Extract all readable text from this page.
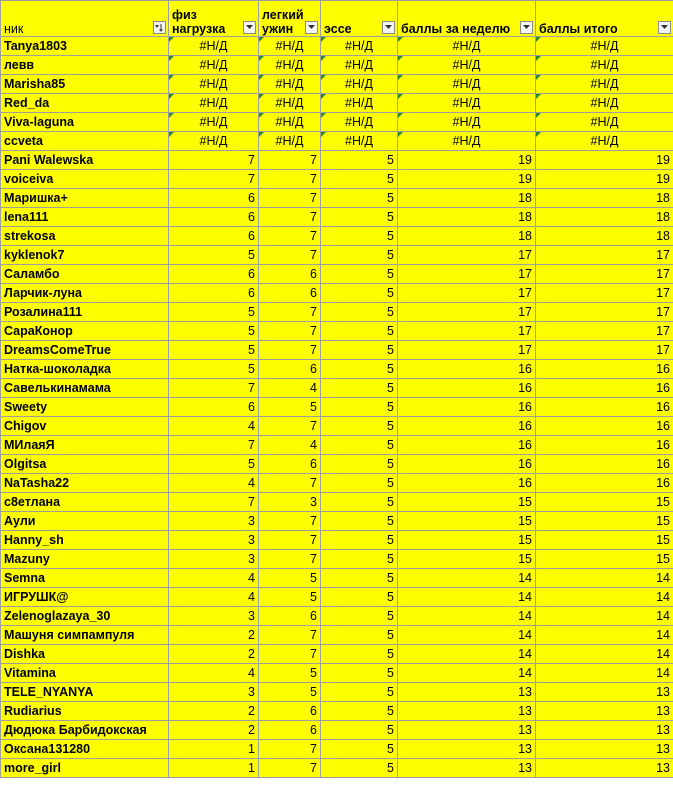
ник	физ нагрузка	легкий ужин	эссе	баллы за неделю	баллы итого

Tanya1803	#Н/Д	#Н/Д	#Н/Д	#Н/Д	#Н/Д
левв	#Н/Д	#Н/Д	#Н/Д	#Н/Д	#Н/Д
Marisha85	#Н/Д	#Н/Д	#Н/Д	#Н/Д	#Н/Д
Red_da	#Н/Д	#Н/Д	#Н/Д	#Н/Д	#Н/Д
Viva-laguna	#Н/Д	#Н/Д	#Н/Д	#Н/Д	#Н/Д
ccveta	#Н/Д	#Н/Д	#Н/Д	#Н/Д	#Н/Д
Pani Walewska	7	7	5	19	19
voiceiva	7	7	5	19	19
Маришка+	6	7	5	18	18
lena111	6	7	5	18	18
strekosa	6	7	5	18	18
kyklenok7	5	7	5	17	17
Саламбо	6	6	5	17	17
Ларчик-луна	6	6	5	17	17
Розалина111	5	7	5	17	17
СараКонор	5	7	5	17	17
DreamsComeTrue	5	7	5	17	17
Натка-шоколадка	5	6	5	16	16
Савелькинамама	7	4	5	16	16
Sweety	6	5	5	16	16
Chigov	4	7	5	16	16
МИлаяЯ	7	4	5	16	16
Olgitsa	5	6	5	16	16
NaTasha22	4	7	5	16	16
с8етлана	7	3	5	15	15
Аули	3	7	5	15	15
Hanny_sh	3	7	5	15	15
Mazuny	3	7	5	15	15
Semna	4	5	5	14	14
ИГРУШК@	4	5	5	14	14
Zelenoglazaya_30	3	6	5	14	14
Машуня симпампуля	2	7	5	14	14
Dishka	2	7	5	14	14
Vitamina	4	5	5	14	14
TELE_NYANYA	3	5	5	13	13
Rudiarius	2	6	5	13	13
Дюдюка Барбидокская	2	6	5	13	13
Оксана131280	1	7	5	13	13
more_girl	1	7	5	13	13
